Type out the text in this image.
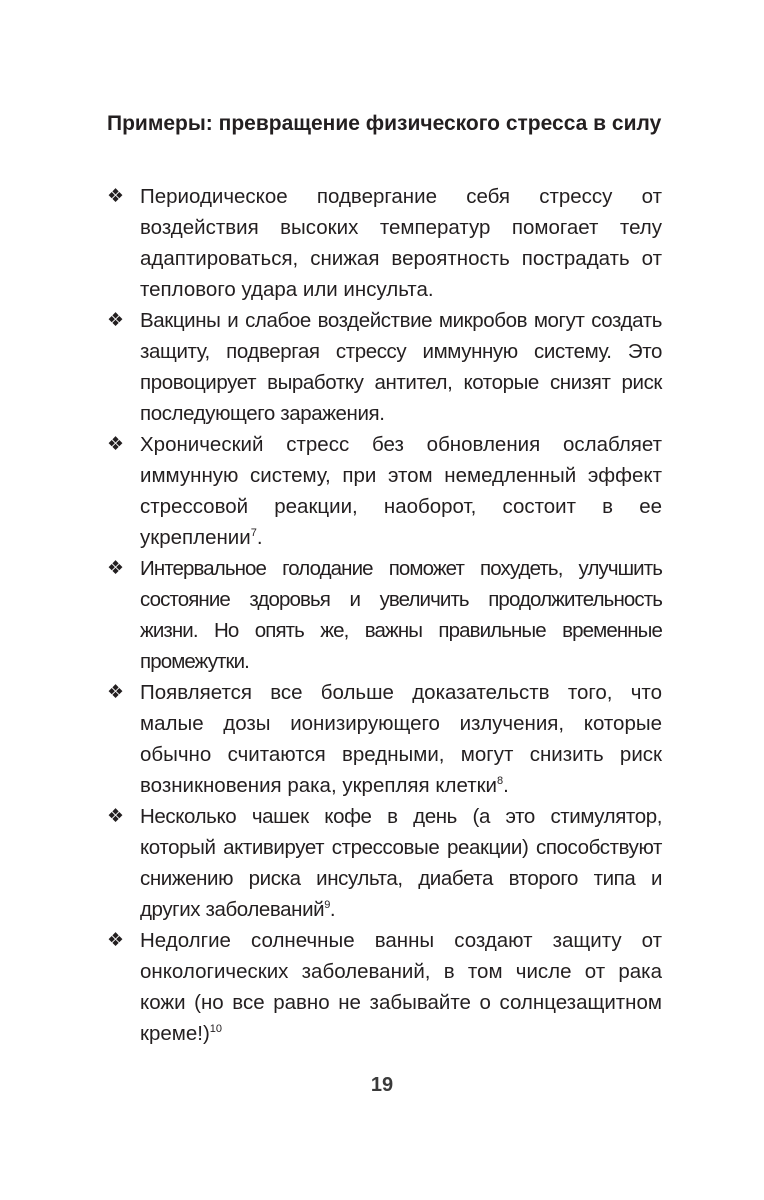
Примеры: превращение физического стресса в силу
❖ Периодическое подвергание себя стрессу от воздействия высоких температур помогает телу адаптироваться, снижая вероятность пострадать от теплового удара или инсульта.
❖ Вакцины и слабое воздействие микробов могут создать защиту, подвергая стрессу иммунную систему. Это провоцирует выработку антител, которые снизят риск последующего заражения.
❖ Хронический стресс без обновления ослабляет иммунную систему, при этом немедленный эффект стрессовой реакции, наоборот, состоит в ее укреплении$^7$.
❖ Интервальное голодание поможет похудеть, улучшить состояние здоровья и увеличить продолжительность жизни. Но опять же, важны правильные временные промежутки.
❖ Появляется все больше доказательств того, что малые дозы ионизирующего излучения, которые обычно считаются вредными, могут снизить риск возникновения рака, укрепляя клетки$^8$.
❖ Несколько чашек кофе в день (а это стимулятор, который активирует стрессовые реакции) способствуют снижению риска инсульта, диабета второго типа и других заболеваний$^9$.
❖ Недолгие солнечные ванны создают защиту от онкологических заболеваний, в том числе от рака кожи (но все равно не забывайте о солнцезащитном креме!)$^{10}$
19
